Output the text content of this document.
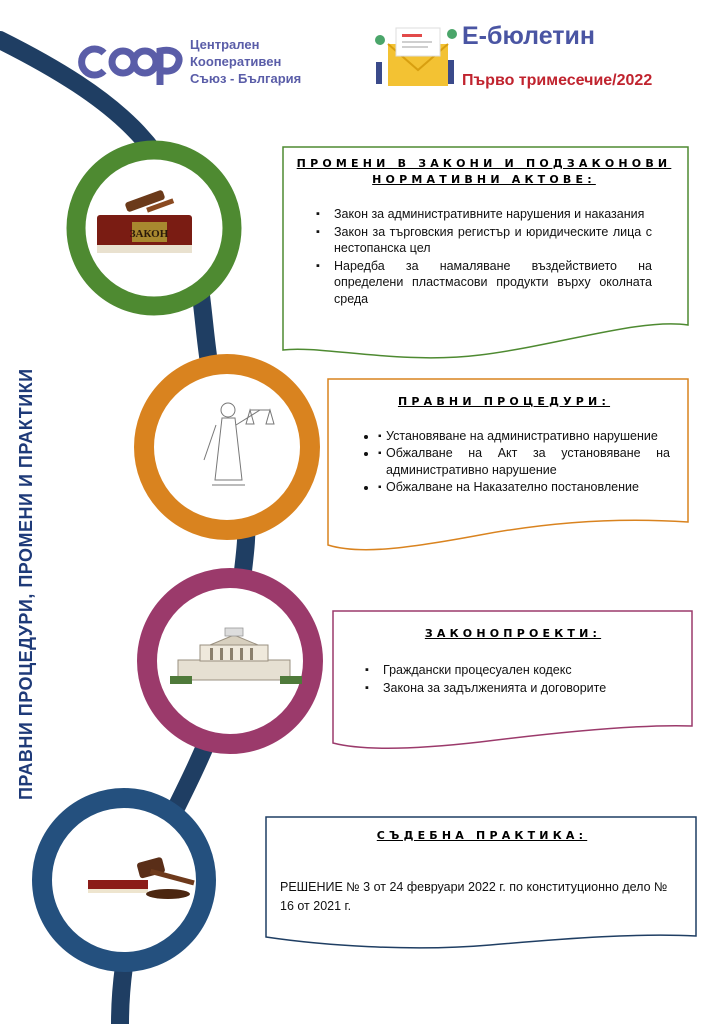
ЗАКОН
Централен
Кооперативен
Съюз - България
Е-бюлетин
Първо тримесечие/2022
ПРАВНИ ПРОЦЕДУРИ, ПРОМЕНИ И ПРАКТИКИ
ПРОМЕНИ В ЗАКОНИ И ПОДЗАКОНОВИ
НОРМАТИВНИ АКТОВЕ:
▪ Закон за административните нарушения и наказания
▪ Закон за търговския регистър и юридическите лица с нестопанска цел
▪ Наредба за намаляване въздействието на определени пластмасови продукти върху околната среда
ПРАВНИ ПРОЦЕДУРИ:
▪ • Установяване на административно нарушение
▪ • Обжалване на Акт за установяване на административно нарушение
▪ • Обжалване на Наказателно постановление
ЗАКОНОПРОЕКТИ:
▪ Граждански процесуален кодекс
▪ Закона за задълженията и договорите
СЪДЕБНА ПРАКТИКА:
РЕШЕНИЕ № 3 от 24 февруари 2022 г. по конституционно дело № 16 от 2021 г.
